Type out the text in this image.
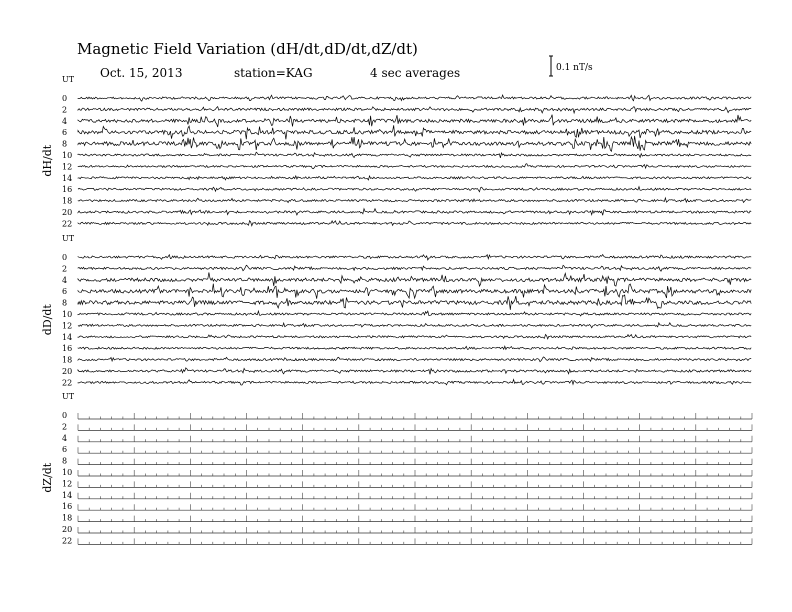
Magnetic Field Variation (dH/dt,dD/dt,dZ/dt)
Oct. 15, 2013	station=KAG	4 sec averages	0.1 nT/s
UT
dH/dt
0
2
4
6
8
10
12
14
16
18
20
22
UT
dD/dt
0
2
4
6
8
10
12
14
16
18
20
22
UT
dZ/dt
0
2
4
6
8
10
12
14
16
18
20
22
